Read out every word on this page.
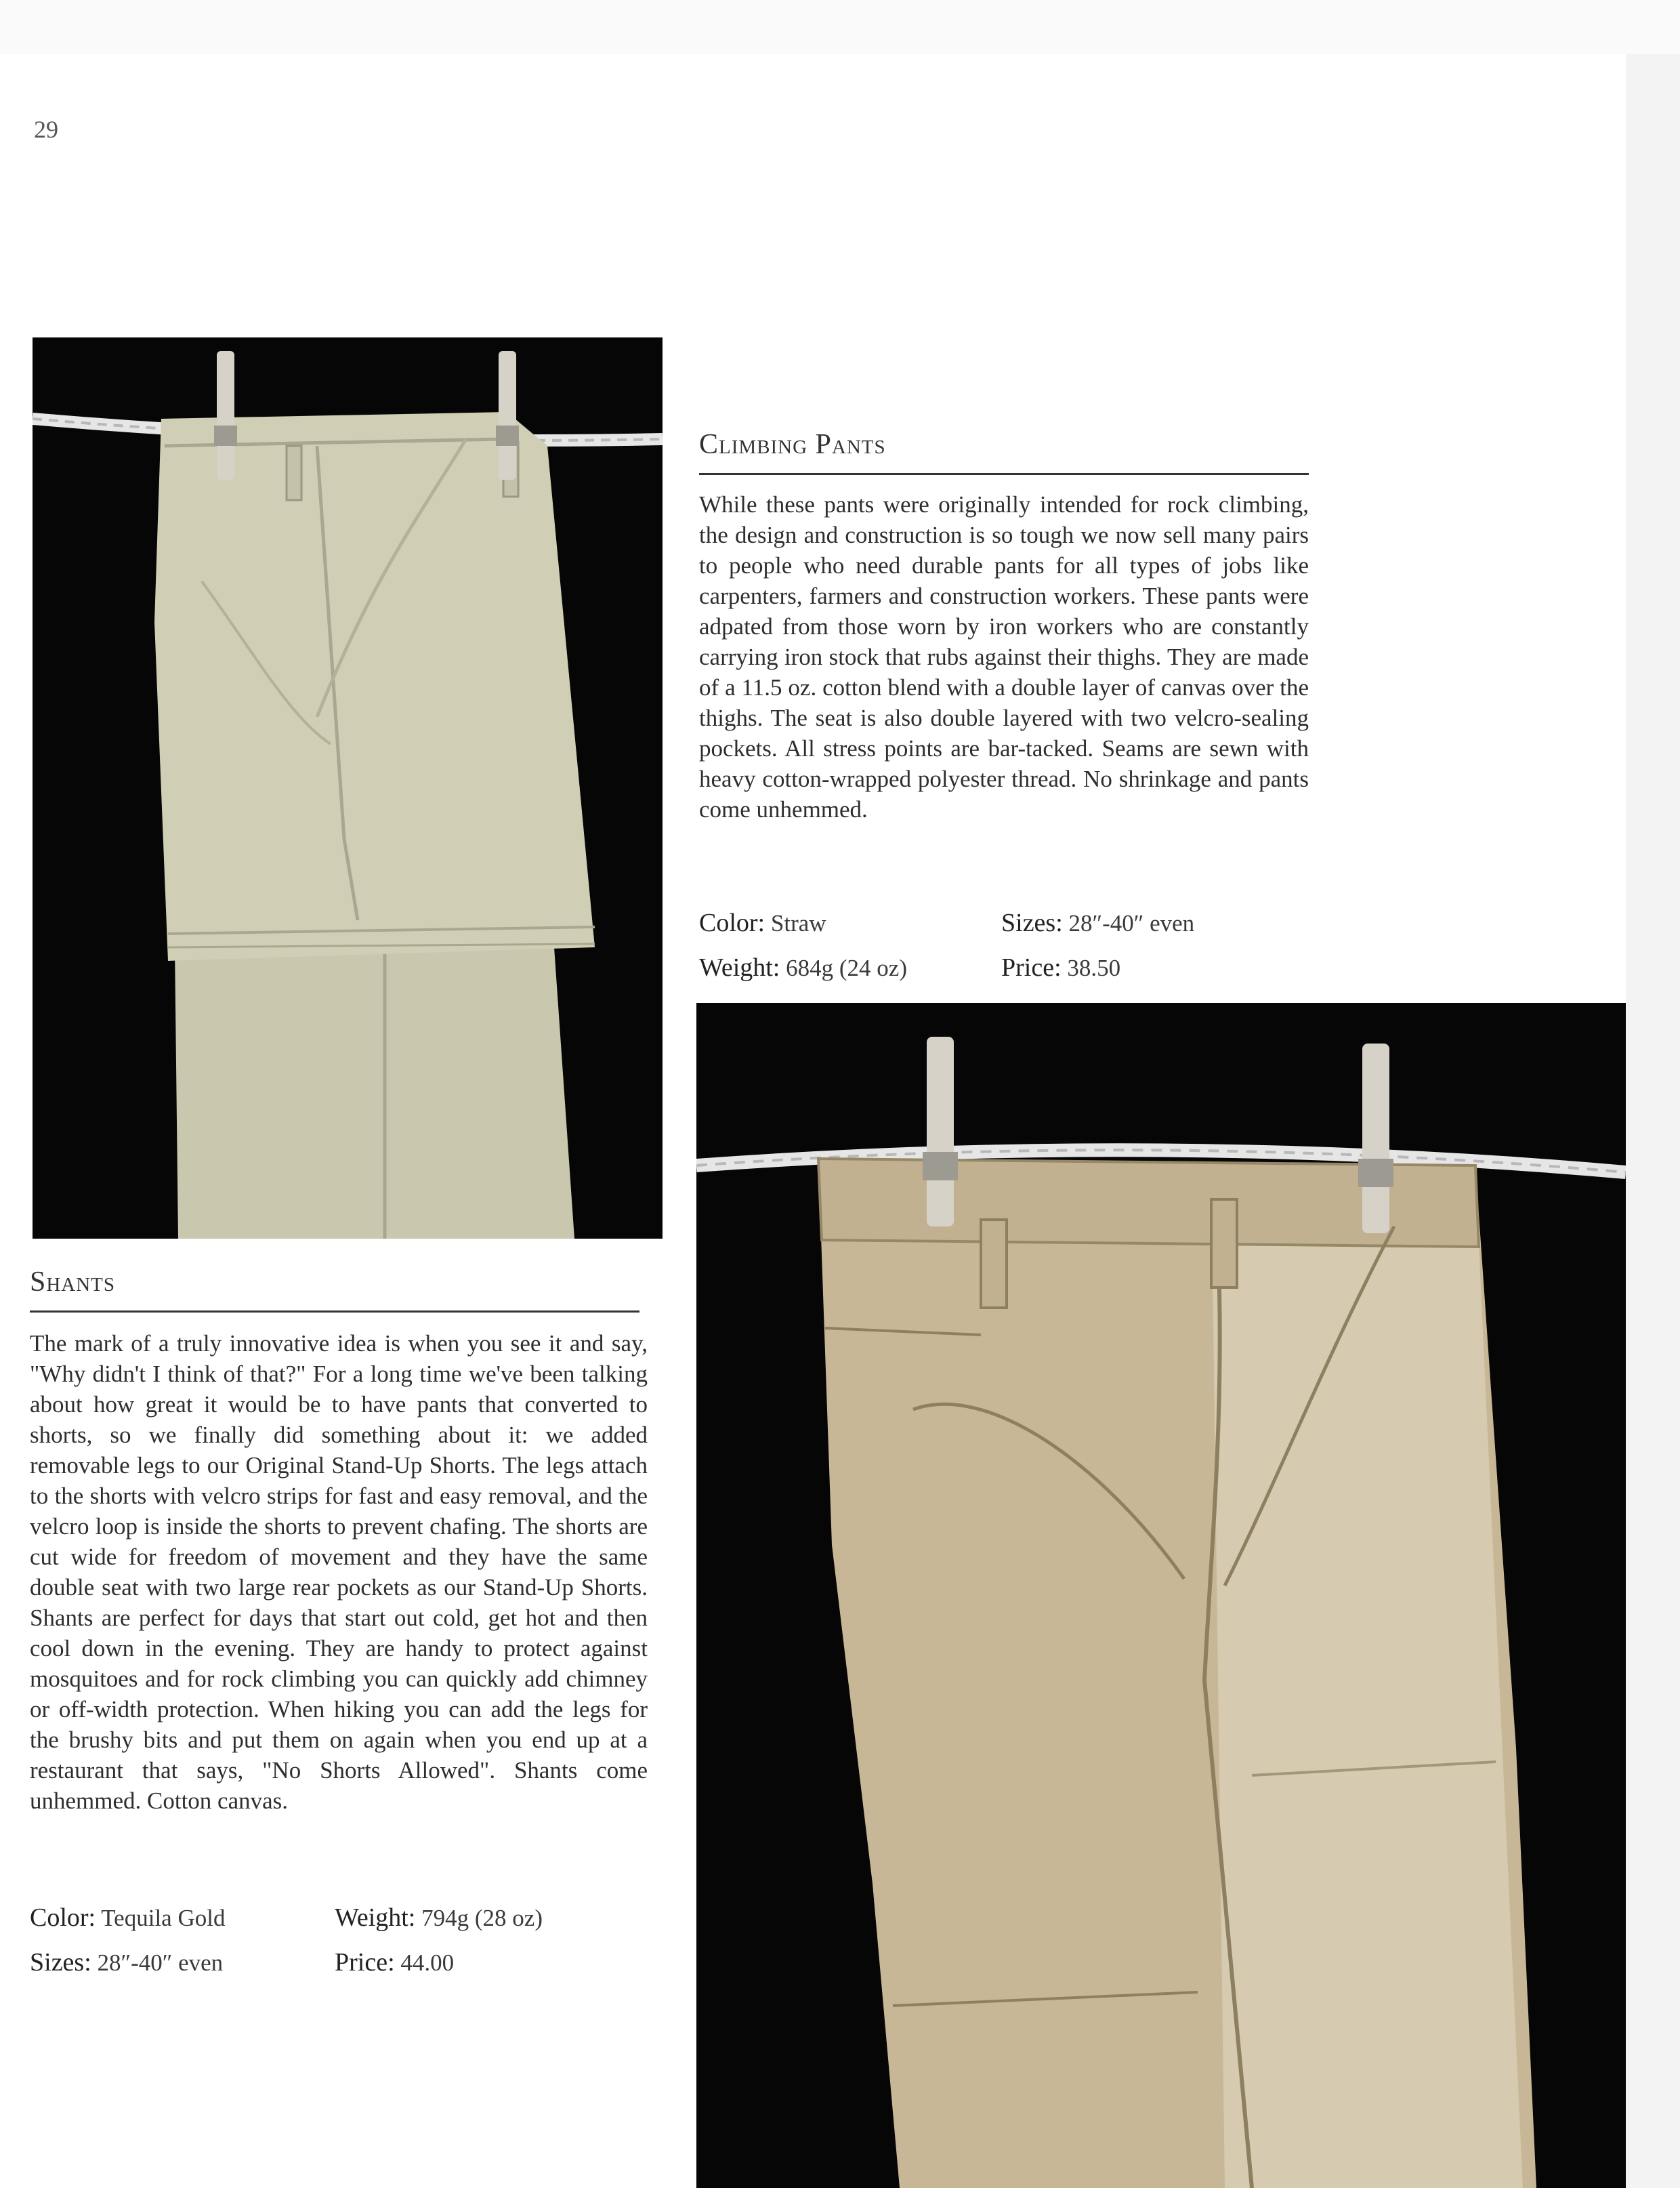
29
Climbing Pants
While these pants were originally intended for rock climbing, the design and construction is so tough we now sell many pairs to people who need durable pants for all types of jobs like carpenters, farmers and construction workers. These pants were adpated from those worn by iron workers who are constantly carrying iron stock that rubs against their thighs. They are made of a 11.5 oz. cotton blend with a double layer of canvas over the thighs. The seat is also double layered with two velcro-sealing pockets. All stress points are bar-tacked. Seams are sewn with heavy cotton-wrapped polyester thread. No shrinkage and pants come unhemmed.
Color: Straw	Sizes: 28″-40″ even
Weight: 684g (24 oz)	Price: 38.50
Shants
The mark of a truly innovative idea is when you see it and say, "Why didn't I think of that?" For a long time we've been talking about how great it would be to have pants that converted to shorts, so we finally did something about it: we added removable legs to our Original Stand-Up Shorts. The legs attach to the shorts with velcro strips for fast and easy removal, and the velcro loop is inside the shorts to prevent chafing. The shorts are cut wide for freedom of movement and they have the same double seat with two large rear pockets as our Stand-Up Shorts. Shants are perfect for days that start out cold, get hot and then cool down in the evening. They are handy to protect against mosquitoes and for rock climbing you can quickly add chimney or off-width protection. When hiking you can add the legs for the brushy bits and put them on again when you end up at a restaurant that says, "No Shorts Allowed". Shants come unhemmed. Cotton canvas.
Color: Tequila Gold	Weight: 794g (28 oz)
Sizes: 28″-40″ even	Price: 44.00
